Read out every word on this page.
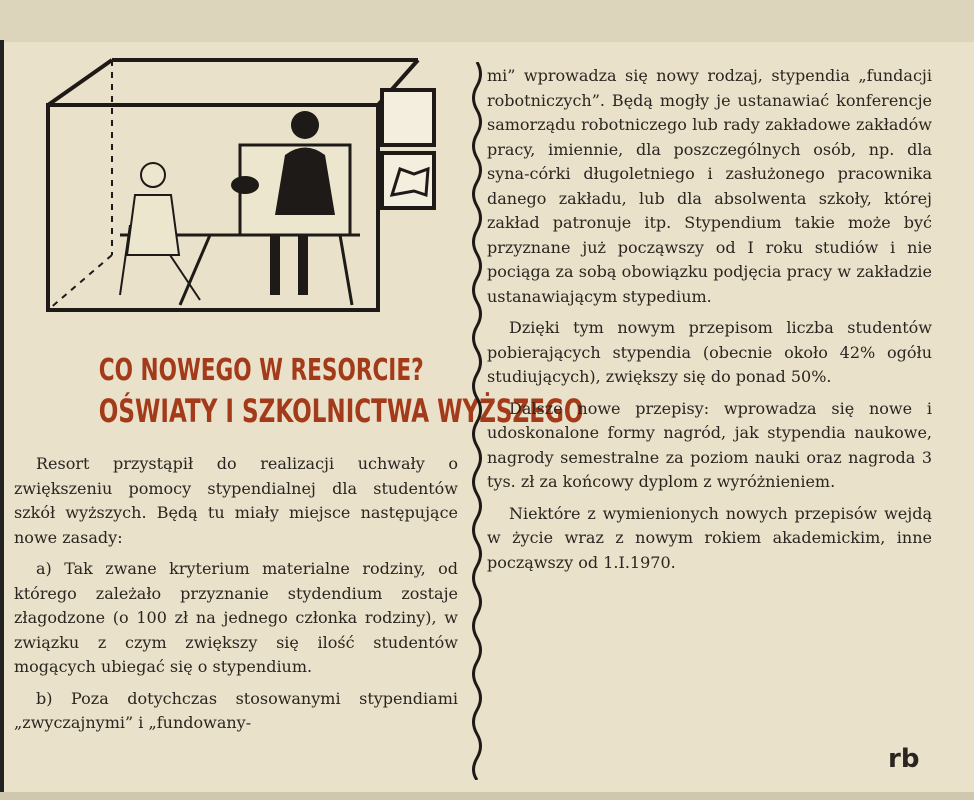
CO NOWEGO W RESORCIE?
OŚWIATY I SZKOLNICTWA WYŻSZEGO

Resort przystąpił do realizacji uchwały o zwiększeniu pomocy stypendialnej dla studentów szkół wyższych. Będą tu miały miejsce następujące nowe zasady:

a) Tak zwane kryterium materialne rodziny, od którego zależało przyznanie stydendium zostaje złagodzone (o 100 zł na jednego członka rodziny), w związku z czym zwiększy się ilość studentów mogących ubiegać się o stypendium.

b) Poza dotychczas stosowanymi stypendiami „zwyczajnymi” i „fundowany-

mi” wprowadza się nowy rodzaj, stypendia „fundacji robotniczych”. Będą mogły je ustanawiać konferencje samorządu robotniczego lub rady zakładowe zakładów pracy, imiennie, dla poszczególnych osób, np. dla syna-córki długoletniego i zasłużonego pracownika danego zakładu, lub dla absolwenta szkoły, której zakład patronuje itp. Stypendium takie może być przyznane już począwszy od I roku studiów i nie pociąga za sobą obowiązku podjęcia pracy w zakładzie ustanawiającym stypedium.

Dzięki tym nowym przepisom liczba studentów pobierających stypendia (obecnie około 42% ogółu studiujących), zwiększy się do ponad 50%.

Dalsze nowe przepisy: wprowadza się nowe i udoskonalone formy nagród, jak stypendia naukowe, nagrody semestralne za poziom nauki oraz nagroda 3 tys. zł za końcowy dyplom z wyróżnieniem.

Niektóre z wymienionych nowych przepisów wejdą w życie wraz z nowym rokiem akademickim, inne począwszy od 1.I.1970.

rb
